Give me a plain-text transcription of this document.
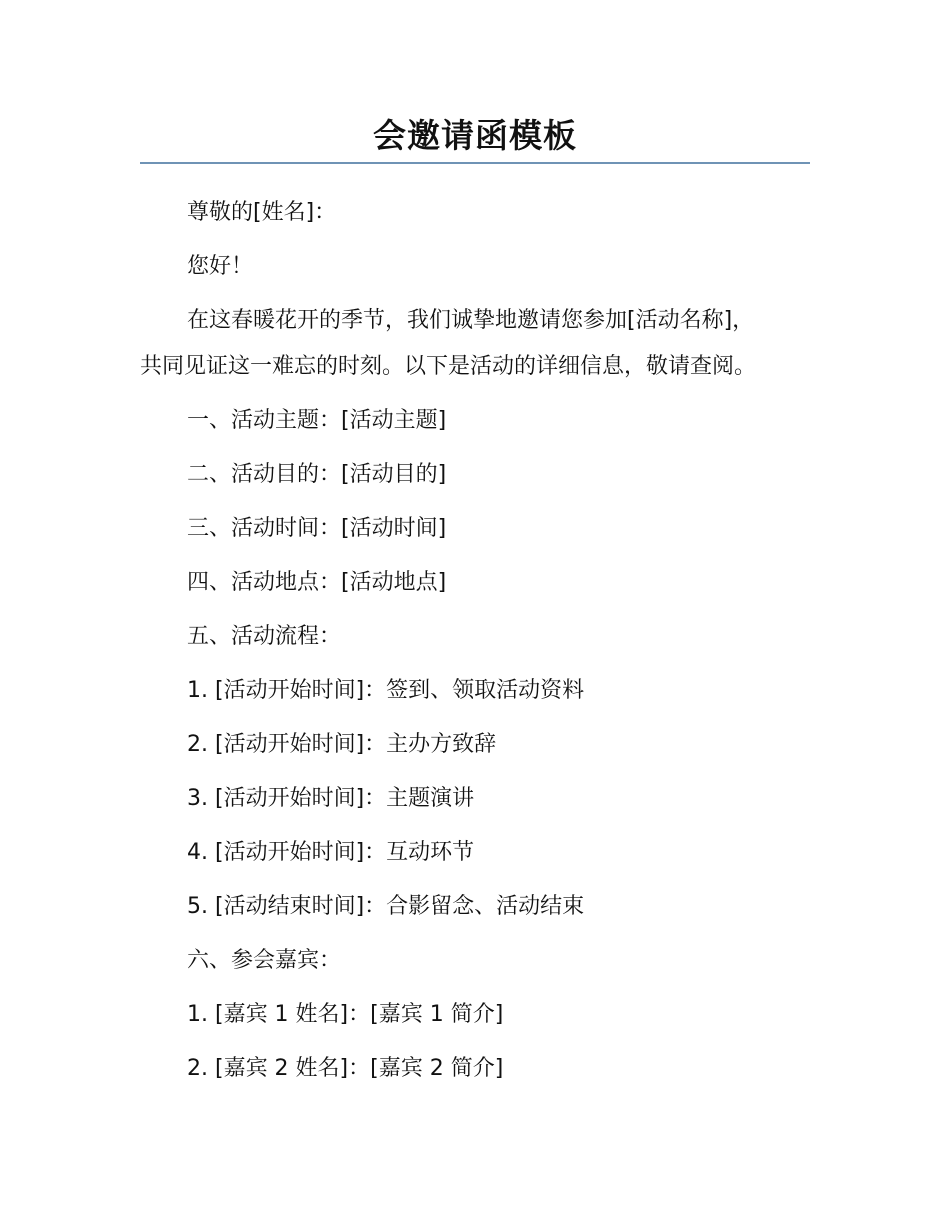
会邀请函模板

尊敬的[姓名]：

您好！

在这春暖花开的季节，我们诚挚地邀请您参加[活动名称]，
共同见证这一难忘的时刻。以下是活动的详细信息，敬请查阅。

一、活动主题：[活动主题]

二、活动目的：[活动目的]

三、活动时间：[活动时间]

四、活动地点：[活动地点]

五、活动流程：

1. [活动开始时间]：签到、领取活动资料

2. [活动开始时间]：主办方致辞

3. [活动开始时间]：主题演讲

4. [活动开始时间]：互动环节

5. [活动结束时间]：合影留念、活动结束

六、参会嘉宾：

1. [嘉宾 1 姓名]：[嘉宾 1 简介]

2. [嘉宾 2 姓名]：[嘉宾 2 简介]
